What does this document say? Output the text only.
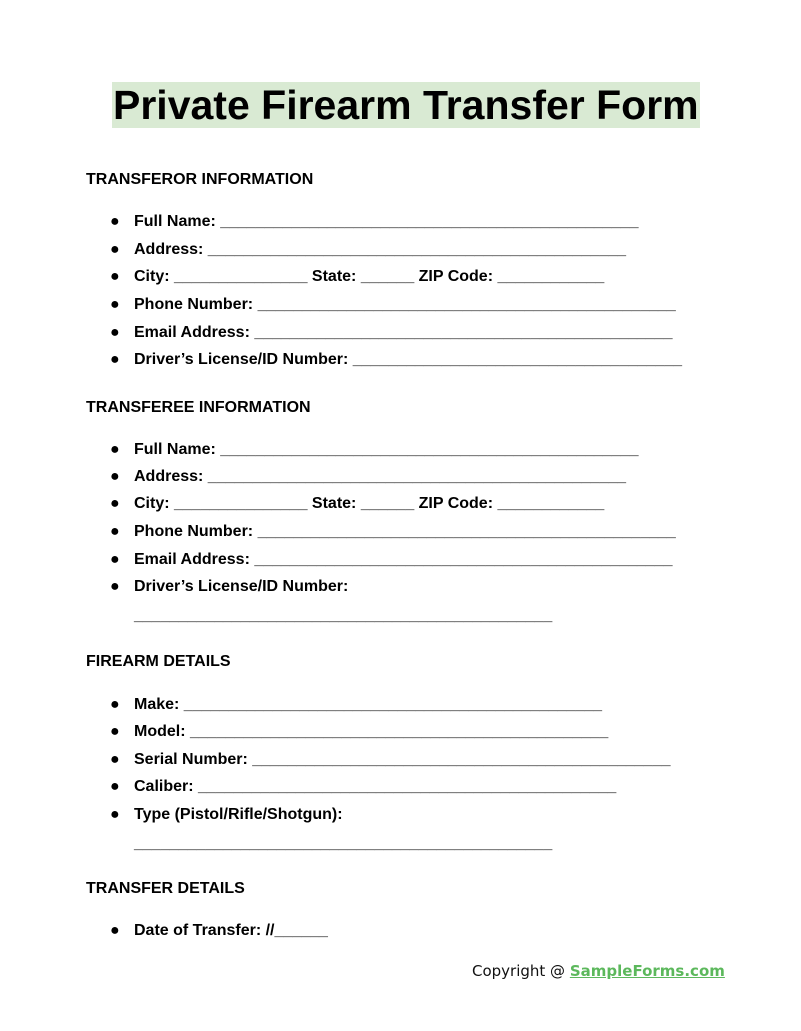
Private Firearm Transfer Form
TRANSFEROR INFORMATION
● Full Name: _______________________________________________
● Address: _______________________________________________
● City: _______________ State: ______ ZIP Code: ____________
● Phone Number: _______________________________________________
● Email Address: _______________________________________________
● Driver’s License/ID Number: _____________________________________
TRANSFEREE INFORMATION
● Full Name: _______________________________________________
● Address: _______________________________________________
● City: _______________ State: ______ ZIP Code: ____________
● Phone Number: _______________________________________________
● Email Address: _______________________________________________
● Driver’s License/ID Number:
_______________________________________________
FIREARM DETAILS
● Make: _______________________________________________
● Model: _______________________________________________
● Serial Number: _______________________________________________
● Caliber: _______________________________________________
● Type (Pistol/Rifle/Shotgun):
_______________________________________________
TRANSFER DETAILS
● Date of Transfer: //______
Copyright @ SampleForms.com
